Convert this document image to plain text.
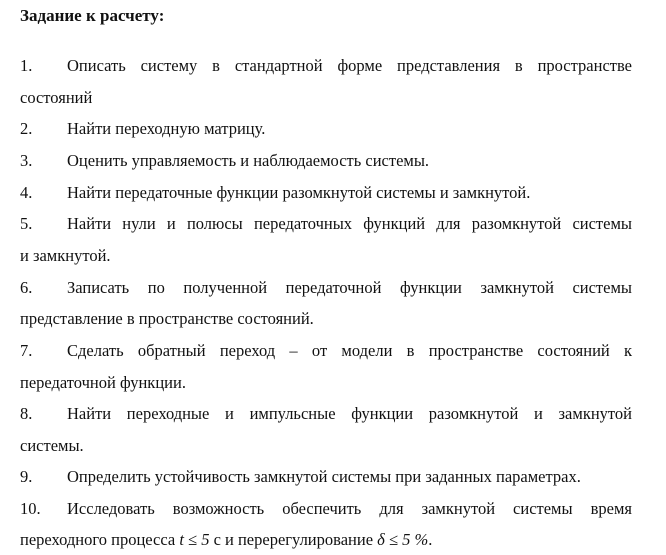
Задание к расчету:
1. Описать систему в стандартной форме представления в пространстве
состояний
2. Найти переходную матрицу.
3. Оценить управляемость и наблюдаемость системы.
4. Найти передаточные функции разомкнутой системы и замкнутой.
5. Найти нули и полюсы передаточных функций для разомкнутой системы
и замкнутой.
6. Записать по полученной передаточной функции замкнутой системы
представление в пространстве состояний.
7. Сделать обратный переход – от модели в пространстве состояний к
передаточной функции.
8. Найти переходные и импульсные функции разомкнутой и замкнутой
системы.
9. Определить устойчивость замкнутой системы при заданных параметрах.
10. Исследовать возможность обеспечить для замкнутой системы время
переходного процесса t ≤ 5 с и перерегулирование δ ≤ 5 %.
